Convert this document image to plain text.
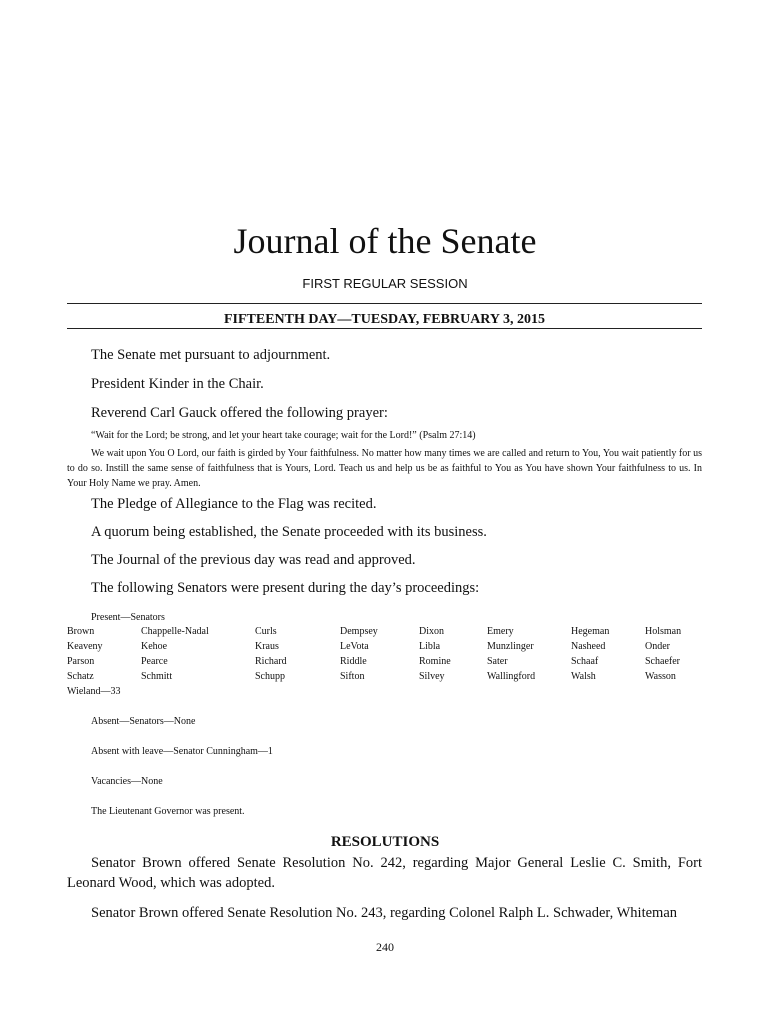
Journal of the Senate
FIRST REGULAR SESSION
FIFTEENTH DAY—TUESDAY, FEBRUARY 3, 2015
The Senate met pursuant to adjournment.
President Kinder in the Chair.
Reverend Carl Gauck offered the following prayer:
“Wait for the Lord; be strong, and let your heart take courage; wait for the Lord!” (Psalm 27:14)
We wait upon You O Lord, our faith is girded by Your faithfulness. No matter how many times we are called and return to You, You wait patiently for us to do so. Instill the same sense of faithfulness that is Yours, Lord. Teach us and help us be as faithful to You as You have shown Your faithfulness to us. In Your Holy Name we pray. Amen.
The Pledge of Allegiance to the Flag was recited.
A quorum being established, the Senate proceeded with its business.
The Journal of the previous day was read and approved.
The following Senators were present during the day’s proceedings:
Present—Senators
Brown
Keaveny
Parson
Schatz
Chappelle-Nadal
Kehoe
Pearce
Schmitt
Curls
Kraus
Richard
Schupp
Dempsey
LeVota
Riddle
Sifton
Dixon
Libla
Romine
Silvey
Emery
Munzlinger
Sater
Wallingford
Hegeman
Nasheed
Schaaf
Walsh
Holsman
Onder
Schaefer
Wasson
Wieland—33
Absent—Senators—None
Absent with leave—Senator Cunningham—1
Vacancies—None
The Lieutenant Governor was present.
RESOLUTIONS
Senator Brown offered Senate Resolution No. 242, regarding Major General Leslie C. Smith, Fort Leonard Wood, which was adopted.
Senator Brown offered Senate Resolution No. 243, regarding Colonel Ralph L. Schwader, Whiteman
240
